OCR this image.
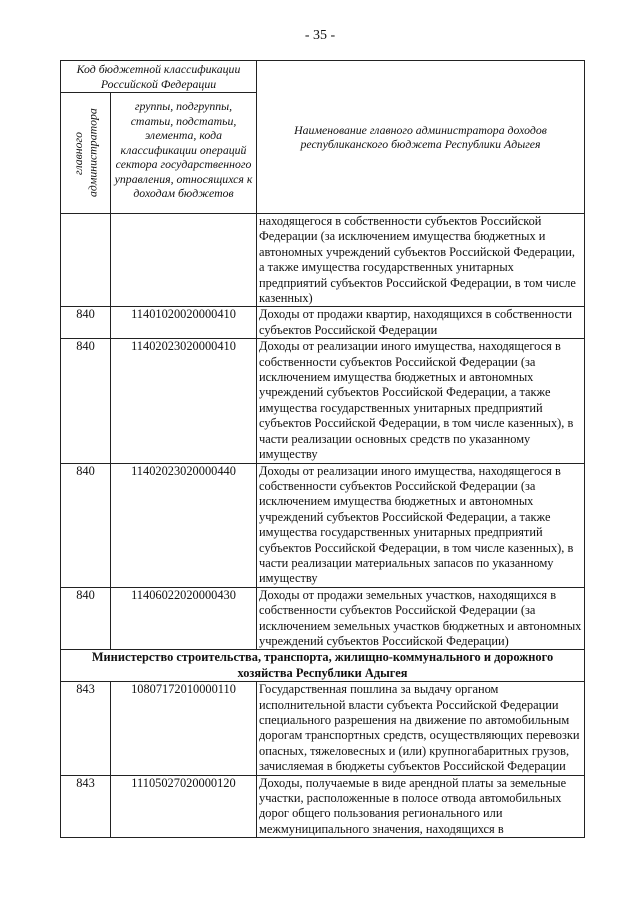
- 35 -
Код бюджетной классификации Российской Федерации		Наименование главного администратора доходов республиканского бюджета Республики Адыгея

главного администратора	группы, подгруппы, статьи, подстатьи, элемента, кода классификации операций сектора государственного управления, относящихся к доходам бюджетов	
		находящегося в собственности субъектов Российской Федерации (за исключением имущества бюджетных и автономных учреждений субъектов Российской Федерации, а также имущества государственных унитарных предприятий субъектов Российской Федерации, в том числе казенных)
840	11401020020000410	Доходы от продажи квартир, находящихся в собственности субъектов Российской Федерации
840	11402023020000410	Доходы от реализации иного имущества, находящегося в собственности субъектов Российской Федерации (за исключением имущества бюджетных и автономных учреждений субъектов Российской Федерации, а также имущества государственных унитарных предприятий субъектов Российской Федерации, в том числе казенных), в части реализации основных средств по указанному имуществу
840	11402023020000440	Доходы от реализации иного имущества, находящегося в собственности субъектов Российской Федерации (за исключением имущества бюджетных и автономных учреждений субъектов Российской Федерации, а также имущества государственных унитарных предприятий субъектов Российской Федерации, в том числе казенных), в части реализации материальных запасов по указанному имуществу
840	11406022020000430	Доходы от продажи земельных участков, находящихся в собственности субъектов Российской Федерации (за исключением земельных участков бюджетных и автономных учреждений субъектов Российской Федерации)
Министерство строительства, транспорта, жилищно-коммунального и дорожного хозяйства Республики Адыгея		
843	10807172010000110	Государственная пошлина за выдачу органом исполнительной власти субъекта Российской Федерации специального разрешения на движение по автомобильным дорогам транспортных средств, осуществляющих перевозки опасных, тяжеловесных и (или) крупногабаритных грузов, зачисляемая в бюджеты субъектов Российской Федерации
843	11105027020000120	Доходы, получаемые в виде арендной платы за земельные участки, расположенные в полосе отвода автомобильных дорог общего пользования регионального или межмуниципального значения, находящихся в
